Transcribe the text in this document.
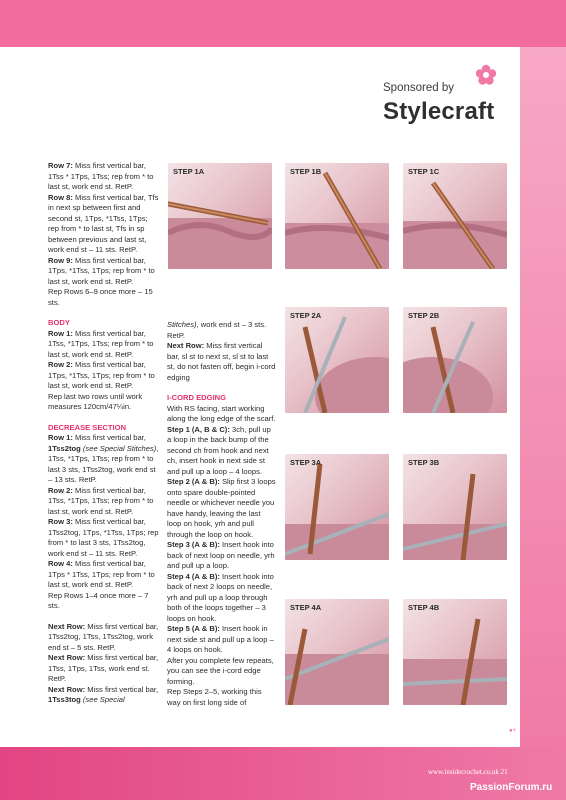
Sponsored by
Stylecraft

Row 7: Miss first vertical bar, 1Tss * 1Tps, 1Tss; rep from * to last st, work end st. RetP.

Row 8: Miss first vertical bar, Tfs in next sp between first and second st, 1Tps, *1Tss, 1Tps; rep from * to last st, Tfs in sp between previous and last st, work end st – 11 sts. RetP.

Row 9: Miss first vertical bar, 1Tps, *1Tss, 1Tps; rep from * to last st, work end st. RetP.

Rep Rows 6–9 once more – 15 sts.

BODY

Row 1: Miss first vertical bar, 1Tss, *1Tps, 1Tss; rep from * to last st, work end st. RetP.

Row 2: Miss first vertical bar, 1Tps, *1Tss, 1Tps; rep from * to last st, work end st. RetP.

Rep last two rows until work measures 120cm/47¼in.

DECREASE SECTION

Row 1: Miss first vertical bar, 1Tss2tog (see Special Stitches), 1Tss, *1Tps, 1Tss; rep from * to last 3 sts, 1Tss2tog, work end st – 13 sts. RetP.

Row 2: Miss first vertical bar, 1Tss, *1Tps, 1Tss; rep from * to last st, work end st. RetP.

Row 3: Miss first vertical bar, 1Tss2tog, 1Tps, *1Tss, 1Tps; rep from * to last 3 sts, 1Tss2tog, work end st – 11 sts. RetP.

Row 4: Miss first vertical bar, 1Tps * 1Tss, 1Tps; rep from * to last st, work end st. RetP.

Rep Rows 1–4 once more – 7 sts.

Next Row: Miss first vertical bar, 1Tss2tog, 1Tss, 1Tss2tog, work end st – 5 sts. RetP.

Next Row: Miss first vertical bar, 1Tss, 1Tps, 1Tss, work end st. RetP.

Next Row: Miss first vertical bar, 1Tss3tog (see Special

Stitches), work end st – 3 sts. RetP.

Next Row: Miss first vertical bar, sl st to next st, sl st to last st, do not fasten off, begin i-cord edging

I-CORD EDGING

With RS facing, start working along the long edge of the scarf.

Step 1 (A, B & C): 3ch, pull up a loop in the back bump of the second ch from hook and next ch, insert hook in next side st and pull up a loop – 4 loops.

Step 2 (A & B): Slip first 3 loops onto spare double-pointed needle or whichever needle you have handy, leaving the last loop on hook, yrh and pull through the loop on hook.

Step 3 (A & B): Insert hook into back of next loop on needle, yrh and pull up a loop.

Step 4 (A & B): Insert hook into back of next 2 loops on needle, yrh and pull up a loop through both of the loops together – 3 loops on hook.

Step 5 (A & B): Insert hook in next side st and pull up a loop – 4 loops on hook.

After you complete few repeats, you can see the i-cord edge forming.

Rep Steps 2–5, working this way on first long side of

STEP 1A	STEP 1B	STEP 1C
STEP 2A	STEP 2B
STEP 3A	STEP 3B
STEP 4A	STEP 4B
●+
www.insidecrochet.co.uk 21
PassionForum.ru
